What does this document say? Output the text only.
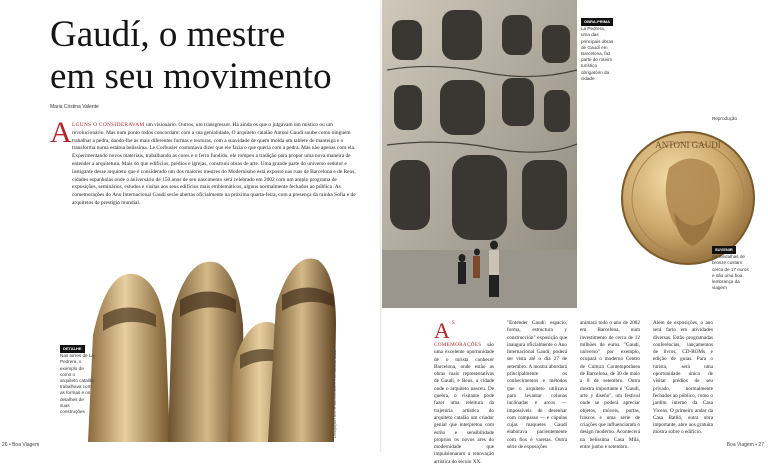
Gaudí, o mestre
em seu movimento
Maria Cristina Valente
A LGUNS O CONSIDERAVAM um visionário. Outros, um transgressor. Há ainda os que o julgavam um místico ou um revolucionário. Mas num ponto todos concordam: com a sua genialidade, O arquiteto catalão Antoni Gaudí soube como ninguém trabalhar a pedra, dando-lhe as mais diferentes formas e texturas, com a suavidade de quem molda um tablete de manteiga e o transforma numa estátua belíssima. Le Corbusier costumava dizer que ele fazia o que queria com a pedra. Mas não apenas com ela. Experimentando novos materiais, trabalhando as cores e o ferro fundido, ele rompeu a tradição para propor uma nova maneira de entender a arquitetura. Mais do que edifícios, prédios e igrejas, construiu obras de arte. Uma grande parte do universo sedutor e instigante desse arquiteto que é considerado um dos maiores mestres do Modernismo está exposto nas ruas de Barcelona e de Reus, cidades espanholas onde o aniversário de 150 anos de seu nascimento será celebrado em 2002 com um amplo programa de exposições, seminários, estudos e visitas aos seus edifícios mais emblemáticos, alguns normalmente fechados ao público. As comemorações do Ano Internacional Gaudí serão abertas oficialmente na próxima quarta-feira, com a presença da rainha Sofia e de arquitetos de prestígio mundial.
DETALHE
Nas torres de La Pedrera, o exemplo de como o arquiteto catalão trabalhava com as formas e os detalhes de suas construções	Divulgação/Turisme Barcelona/Ano Internacional Gaudí
26 • Boa Viagem
OBRA-PRIMA
La Pedrera, uma das principais obras de Gaudí em Barcelona, faz parte do roteiro turístico obrigatório da cidade
Reprodução
ANTONI GAUDI
SUVENIR
As medalhas de bronze custam cerca de 17 euros e são uma boa lembrança da viagem
A S COMEMORAÇÕES são uma excelente oportunidade de o turista conhecer Barcelona, onde estão as obras mais representativas de Gaudí, e Reus, a cidade onde o arquiteto nasceu. De quebra, o visitante pode fazer uma releitura da trajetória artística do arquiteto catalão um criador genial que interpretou com estilo e sensibilidade próprios os novos ares do modernidade que impulsionaram a renovação artística do século XX.
"Entender Gaudí: espacio, forma, estructura y construcción" exposição que inaugura oficialmente o Ano Internacional Gaudí, poderá ser vista até o dia 27 de setembro. A mostra abordará principalmente os conhecimentos e métodos que o arquiteto utilizava para levantar colunas inclinadas e arcos — impossíveis de desenhar com compasso — e cúpulas cujas maquetes Gaudí elaborava pacientemente com fios e varetas. Outra série de exposições
animará todo o ano de 2002 em Barcelona, num investimento de cerca de 12 milhões de euros. "Gaudí, universo" por exemplo, ocupará o moderno Centro de Cultura Contemporânea de Barcelona, de 30 de maio a 8 de setembro. Outra mostra importante é "Gaudí, arte y diseño", um festival onde se poderá apreciar objetos, móveis, portas, frascos e uma série de criações que influenciaram o design moderno. Acontecerá na belíssima Casa Milà, entre junho e setembro.
Além de exposições, o ano será farto em atividades diversas. Estão programadas conferências, lançamentos de livros, CD-ROMs e edição de guias. Para o turista, será uma oportunidade única de visitar prédios de seu privado, normalmente fechados ao público, como o jardim interno da Casa Vicens. O primeiro andar da Casa Batlló, outra obra importante, abre aos gratuita mostra sobre o edifício.
Boa Viagem • 27
